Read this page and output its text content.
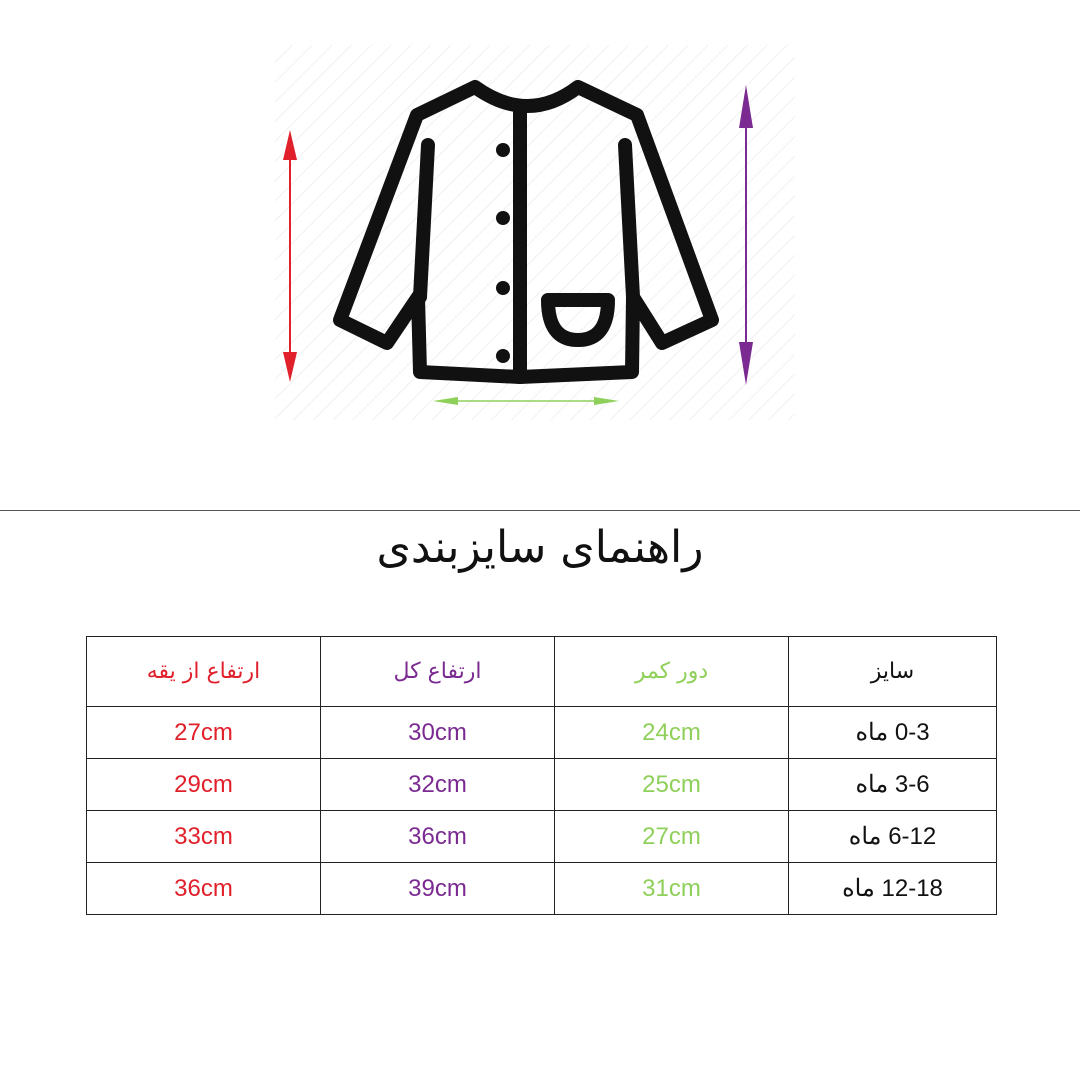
راهنمای سایزبندی
ارتفاع از یقه	ارتفاع کل	دور کمر	سایز
27cm	30cm	24cm	0-3 ماه
29cm	32cm	25cm	3-6 ماه
33cm	36cm	27cm	6-12 ماه
36cm	39cm	31cm	12-18 ماه
